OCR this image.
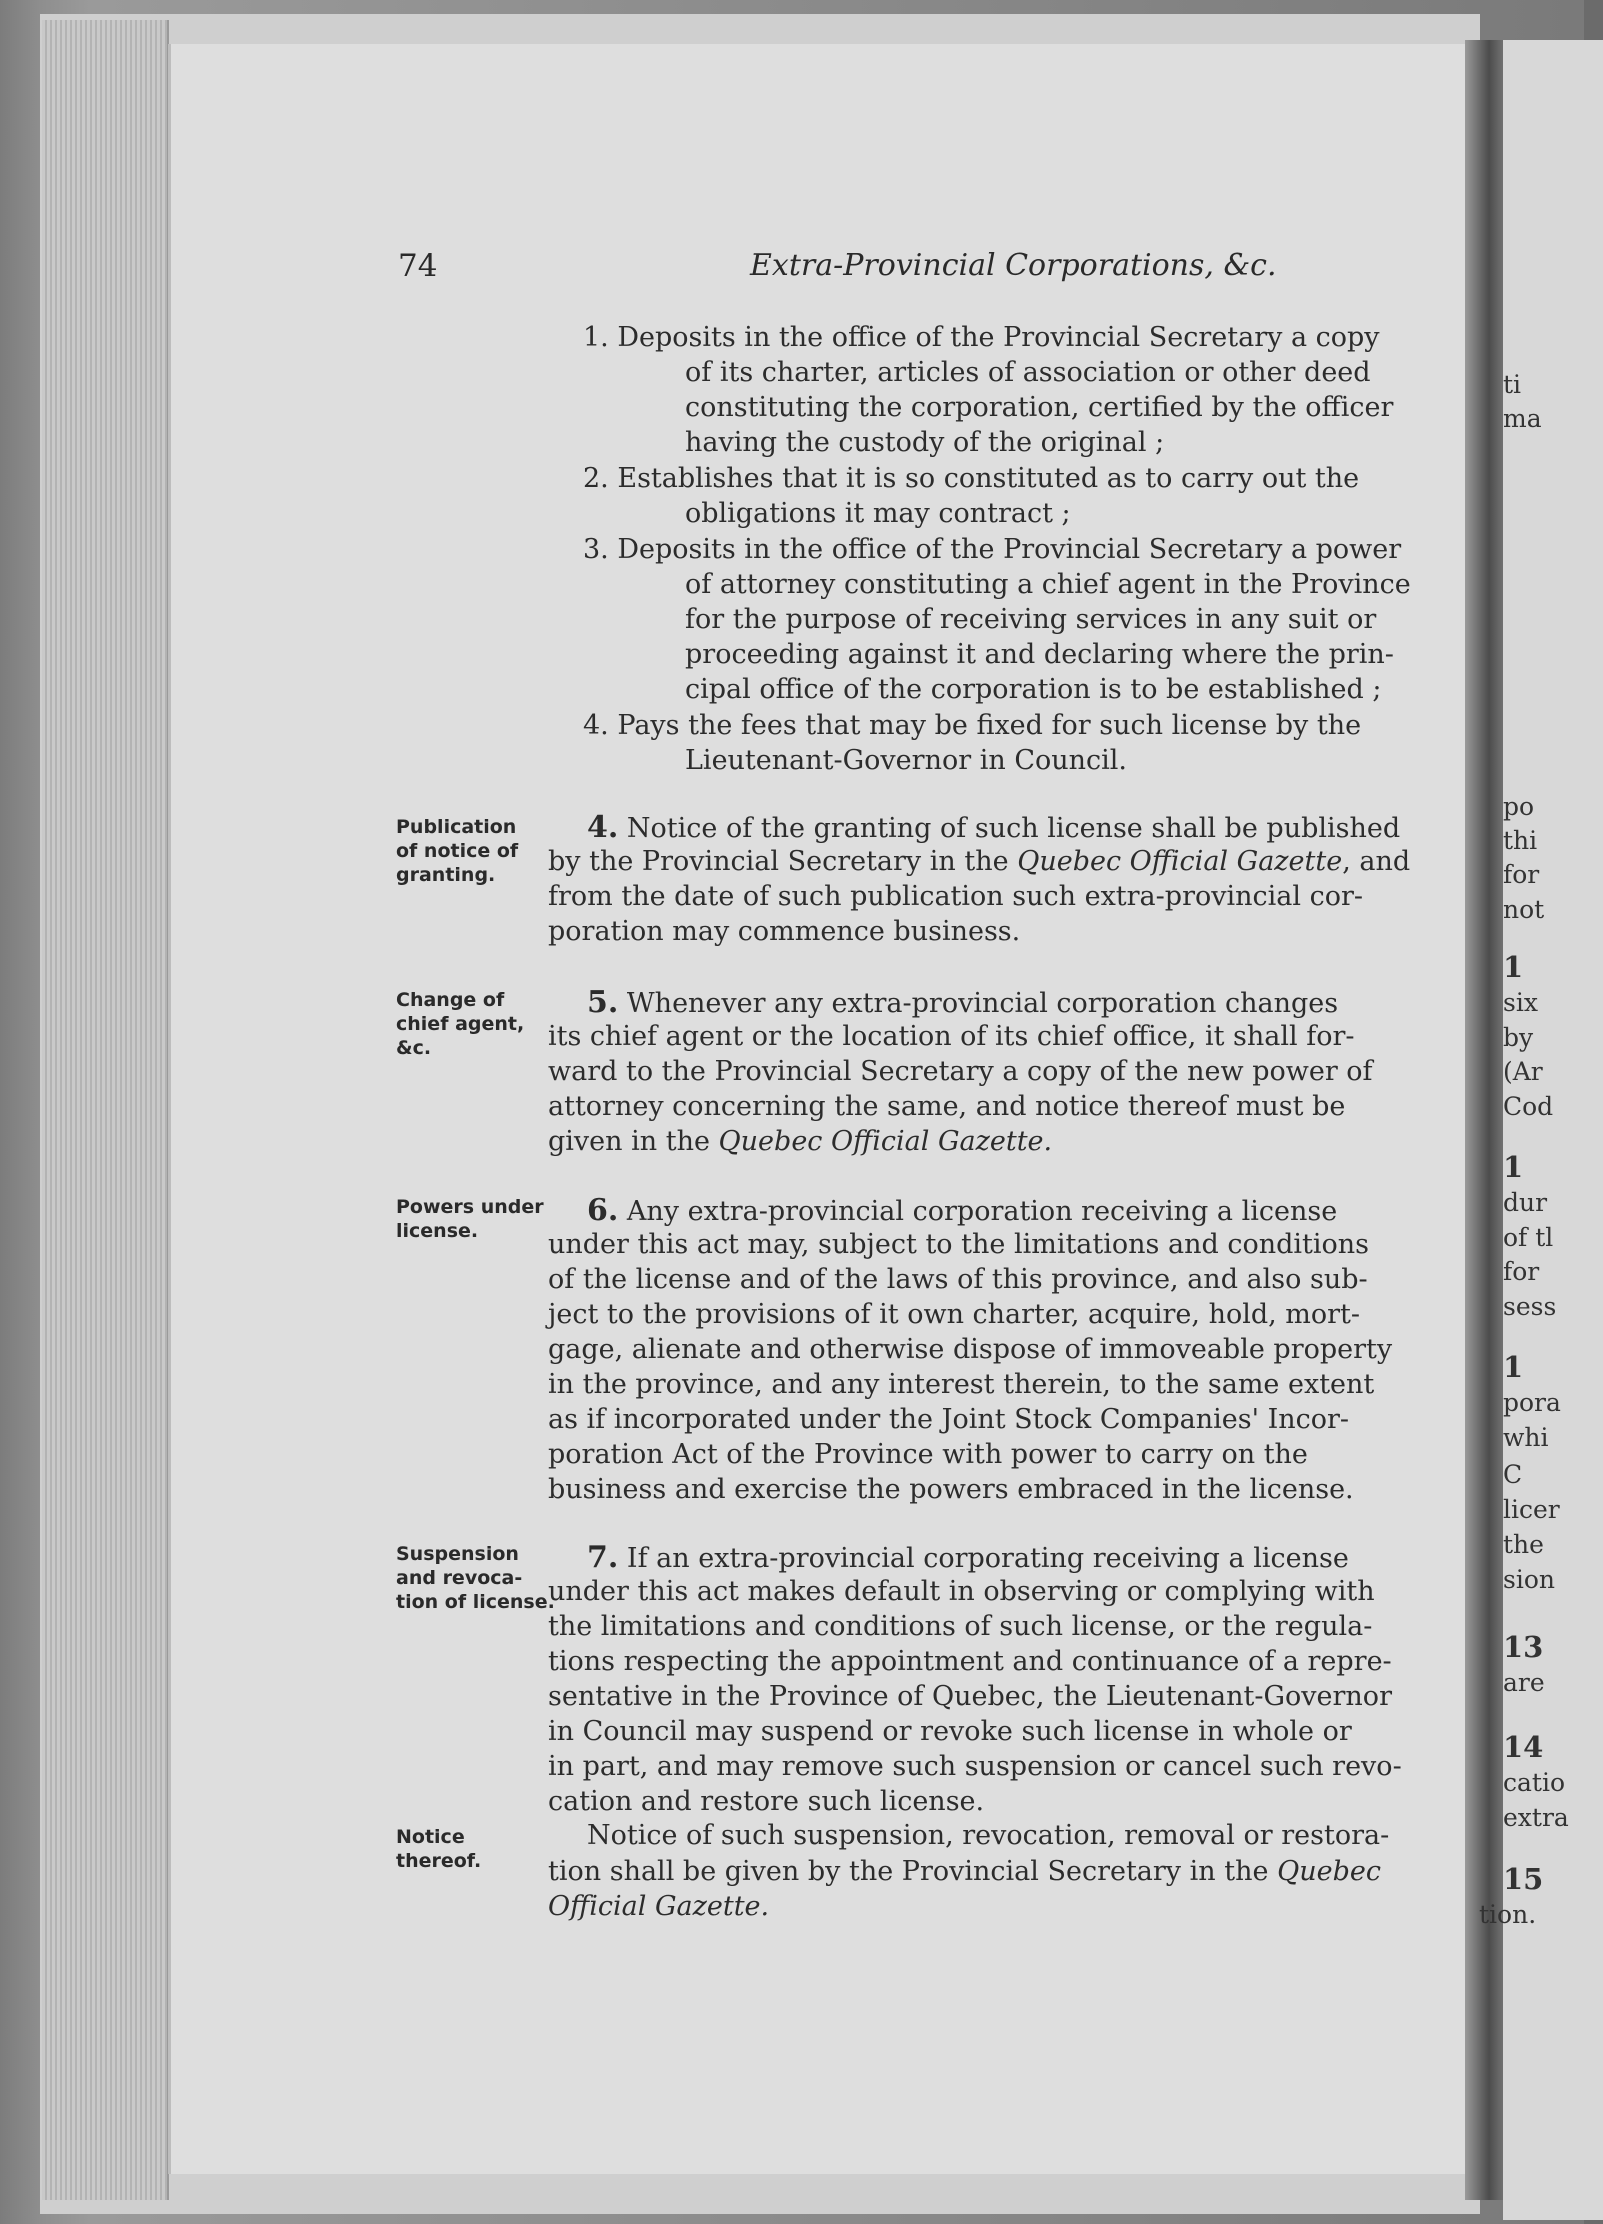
ti
ma
po
thi
for
not
1
six
by
(Ar
Cod
1
dur
of tl
for
sess
1
pora
whi
C
licer
the
sion
13
are
14
catio
extra
15
tion.
74	Extra-Provincial Corporations, &c.
1. Deposits in the office of the Provincial Secretary a copy
of its charter, articles of association or other deed
constituting the corporation, certified by the officer
having the custody of the original ;
2. Establishes that it is so constituted as to carry out the
obligations it may contract ;
3. Deposits in the office of the Provincial Secretary a power
of attorney constituting a chief agent in the Province
for the purpose of receiving services in any suit or
proceeding against it and declaring where the prin-
cipal office of the corporation is to be established ;
4. Pays the fees that may be fixed for such license by the
Lieutenant-Governor in Council.
Publication
of notice of
granting.
4. Notice of the granting of such license shall be published
by the Provincial Secretary in the Quebec Official Gazette, and
from the date of such publication such extra-provincial cor-
poration may commence business.
Change of
chief agent,
&c.
5. Whenever any extra-provincial corporation changes
its chief agent or the location of its chief office, it shall for-
ward to the Provincial Secretary a copy of the new power of
attorney concerning the same, and notice thereof must be
given in the Quebec Official Gazette.
Powers under
license.
6. Any extra-provincial corporation receiving a license
under this act may, subject to the limitations and conditions
of the license and of the laws of this province, and also sub-
ject to the provisions of it own charter, acquire, hold, mort-
gage, alienate and otherwise dispose of immoveable property
in the province, and any interest therein, to the same extent
as if incorporated under the Joint Stock Companies' Incor-
poration Act of the Province with power to carry on the
business and exercise the powers embraced in the license.
Suspension
and revoca-
tion of license.
7. If an extra-provincial corporating receiving a license
under this act makes default in observing or complying with
the limitations and conditions of such license, or the regula-
tions respecting the appointment and continuance of a repre-
sentative in the Province of Quebec, the Lieutenant-Governor
in Council may suspend or revoke such license in whole or
in part, and may remove such suspension or cancel such revo-
cation and restore such license.
Notice
thereof.
Notice of such suspension, revocation, removal or restora-
tion shall be given by the Provincial Secretary in the Quebec
Official Gazette.
